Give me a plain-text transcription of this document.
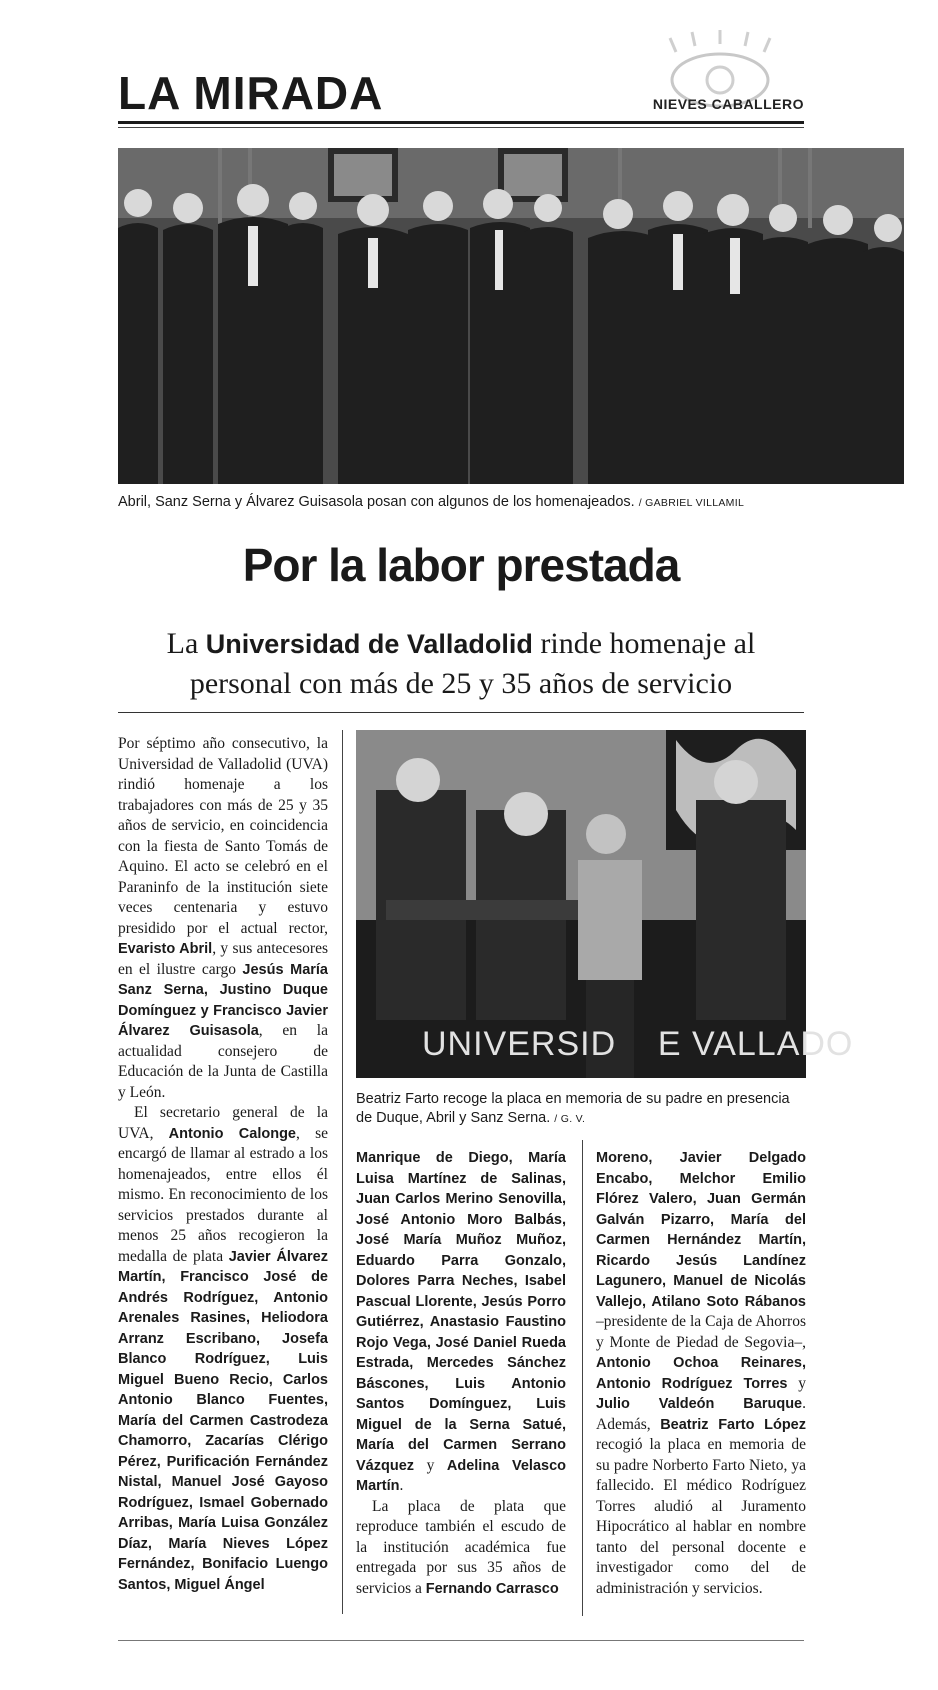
LA MIRADA	NIEVES CABALLERO
Abril, Sanz Serna y Álvarez Guisasola posan con algunos de los homenajeados. / GABRIEL VILLAMIL
Por la labor prestada
La Universidad de Valladolid rinde homenaje al personal con más de 25 y 35 años de servicio

Por séptimo año consecutivo, la Universidad de Valladolid (UVA) rindió homenaje a los trabajadores con más de 25 y 35 años de servicio, en coincidencia con la fiesta de Santo Tomás de Aquino. El acto se celebró en el Paraninfo de la institución siete veces centenaria y estuvo presidido por el actual rector, Evaristo Abril, y sus antecesores en el ilustre cargo Jesús María Sanz Serna, Justino Duque Domínguez y Francisco Javier Álvarez Guisasola, en la actualidad consejero de Educación de la Junta de Castilla y León.

El secretario general de la UVA, Antonio Calonge, se encargó de llamar al estrado a los homenajeados, entre ellos él mismo. En reconocimiento de los servicios prestados durante al menos 25 años recogieron la medalla de plata Javier Álvarez Martín, Francisco José de Andrés Rodríguez, Antonio Arenales Rasines, Heliodora Arranz Escribano, Josefa Blanco Rodríguez, Luis Miguel Bueno Recio, Carlos Antonio Blanco Fuentes, María del Carmen Castrodeza Chamorro, Zacarías Clérigo Pérez, Purificación Fernández Nistal, Manuel José Gayoso Rodríguez, Ismael Gobernado Arribas, María Luisa González Díaz, María Nieves López Fernández, Bonifacio Luengo Santos, Miguel Ángel

UNIVERSID    E VALLADO
Beatriz Farto recoge la placa en memoria de su padre en presencia de Duque, Abril y Sanz Serna. / G. V.

Manrique de Diego, María Luisa Martínez de Salinas, Juan Carlos Merino Senovilla, José Antonio Moro Balbás, José María Muñoz Muñoz, Eduardo Parra Gonzalo, Dolores Parra Neches, Isabel Pascual Llorente, Jesús Porro Gutiérrez, Anastasio Faustino Rojo Vega, José Daniel Rueda Estrada, Mercedes Sánchez Báscones, Luis Antonio Santos Domínguez, Luis Miguel de la Serna Satué, María del Carmen Serrano Vázquez y Adelina Velasco Martín.

La placa de plata que reproduce también el escudo de la institución académica fue entregada por sus 35 años de servicios a Fernando Carrasco

Moreno, Javier Delgado Encabo, Melchor Emilio Flórez Valero, Juan Germán Galván Pizarro, María del Carmen Hernández Martín, Ricardo Jesús Landínez Lagunero, Manuel de Nicolás Vallejo, Atilano Soto Rábanos –presidente de la Caja de Ahorros y Monte de Piedad de Segovia–, Antonio Ochoa Reinares, Antonio Rodríguez Torres y Julio Valdeón Baruque. Además, Beatriz Farto López recogió la placa en memoria de su padre Norberto Farto Nieto, ya fallecido. El médico Rodríguez Torres aludió al Juramento Hipocrático al hablar en nombre tanto del personal docente e investigador como del de administración y servicios.
